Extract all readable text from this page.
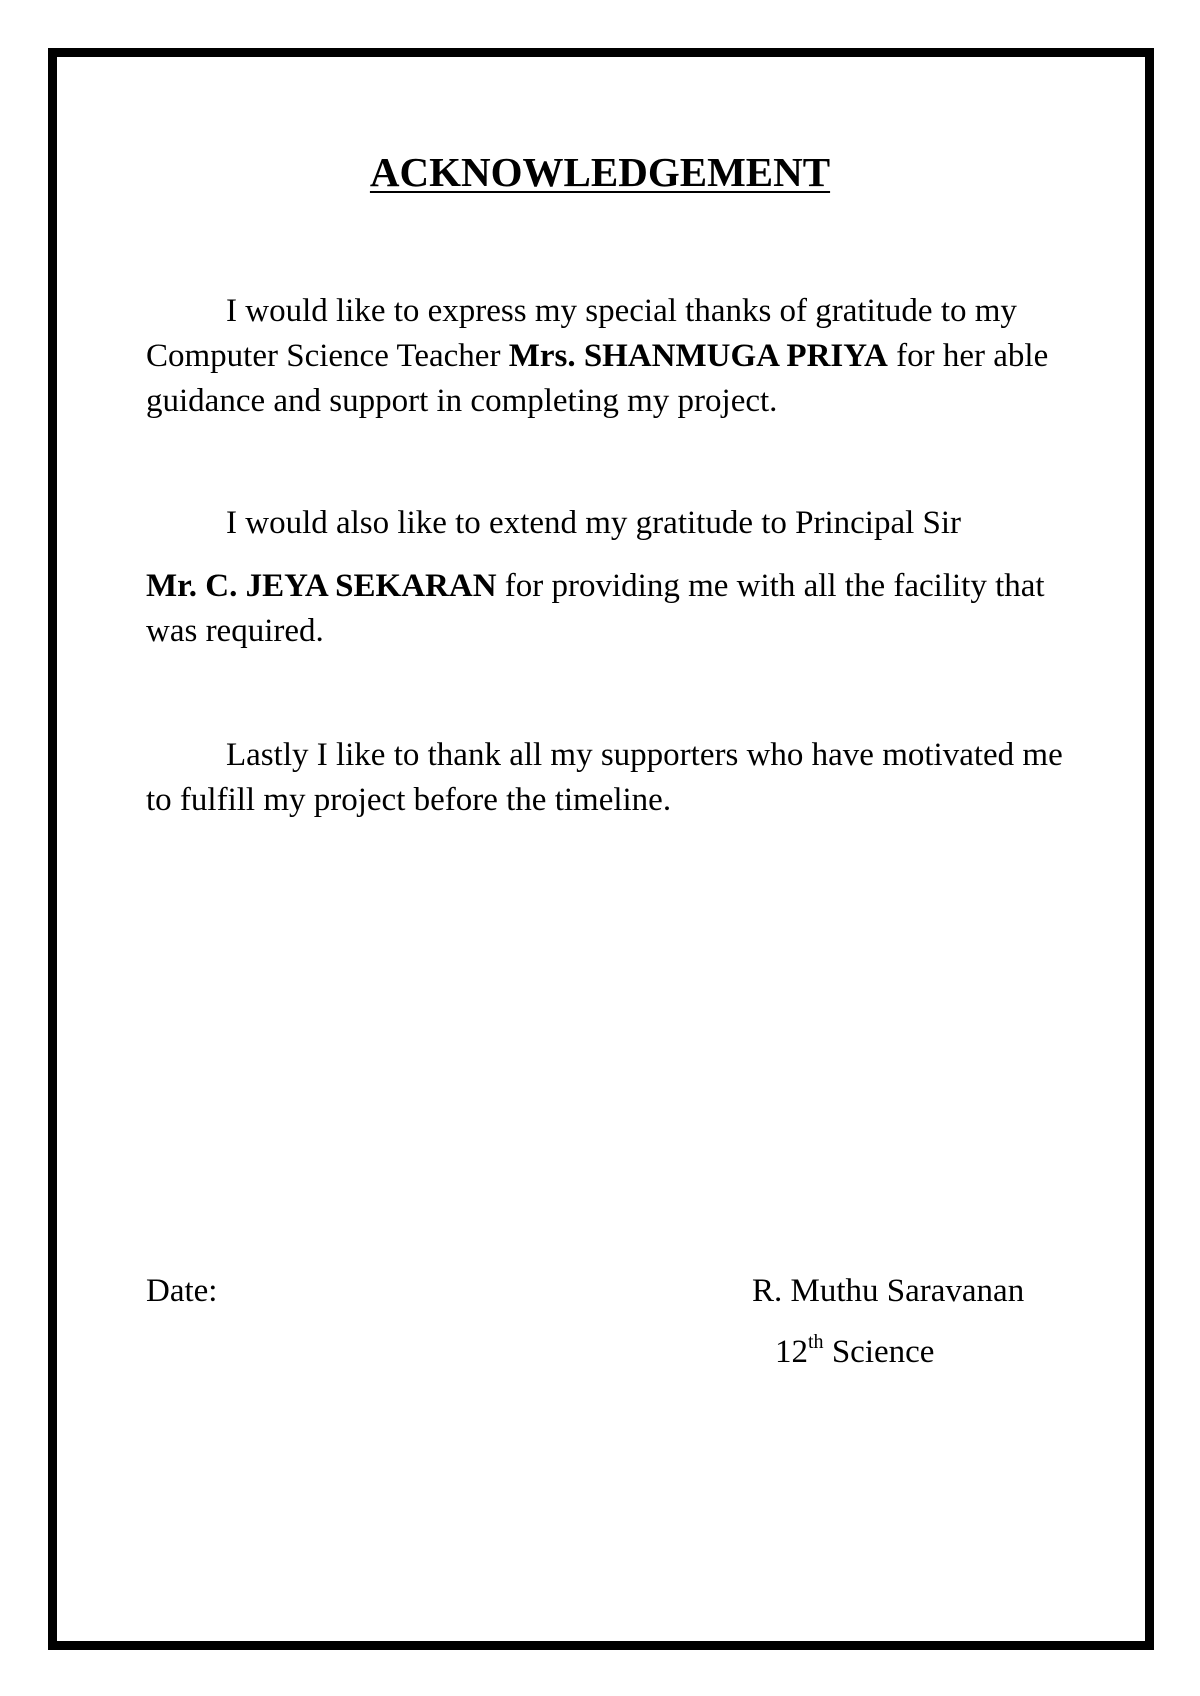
ACKNOWLEDGEMENT

I would like to express my special thanks of gratitude to my Computer Science Teacher Mrs. SHANMUGA PRIYA for her able guidance and support in completing my project.

I would also like to extend my gratitude to Principal Sir

Mr. C. JEYA SEKARAN for providing me with all the facility that was required.

Lastly I like to thank all my supporters who have motivated me to fulfill my project before the timeline.

Date:	R. Muthu Saravanan
12th Science
